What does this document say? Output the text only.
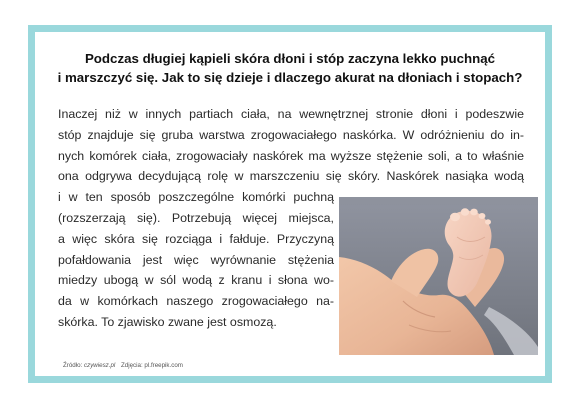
Podczas długiej kąpieli skóra dłoni i stóp zaczyna lekko puchnąć
i marszczyć się. Jak to się dzieje i dlaczego akurat na dłoniach i stopach?
Inaczej niż w innych partiach ciała, na wewnętrznej stronie dłoni i podeszwie
stóp znajduje się gruba warstwa zrogowaciałego naskórka. W odróżnieniu do in-
nych komórek ciała, zrogowaciały naskórek ma wyższe stężenie soli, a to właśnie
ona odgrywa decydującą rolę w marszczeniu się skóry. Naskórek nasiąka wodą
i w ten sposób poszczególne komórki puchną
(rozszerzają się). Potrzebują więcej miejsca,
a więc skóra się rozciąga i fałduje. Przyczyną
pofałdowania jest więc wyrównanie stężenia
miedzy ubogą w sól wodą z kranu i słona wo-
da w komórkach naszego zrogowaciałego na-
skórka. To zjawisko zwane jest osmozą.
Źródło: czywiesz.pl Zdjęcia: pl.freepik.com
